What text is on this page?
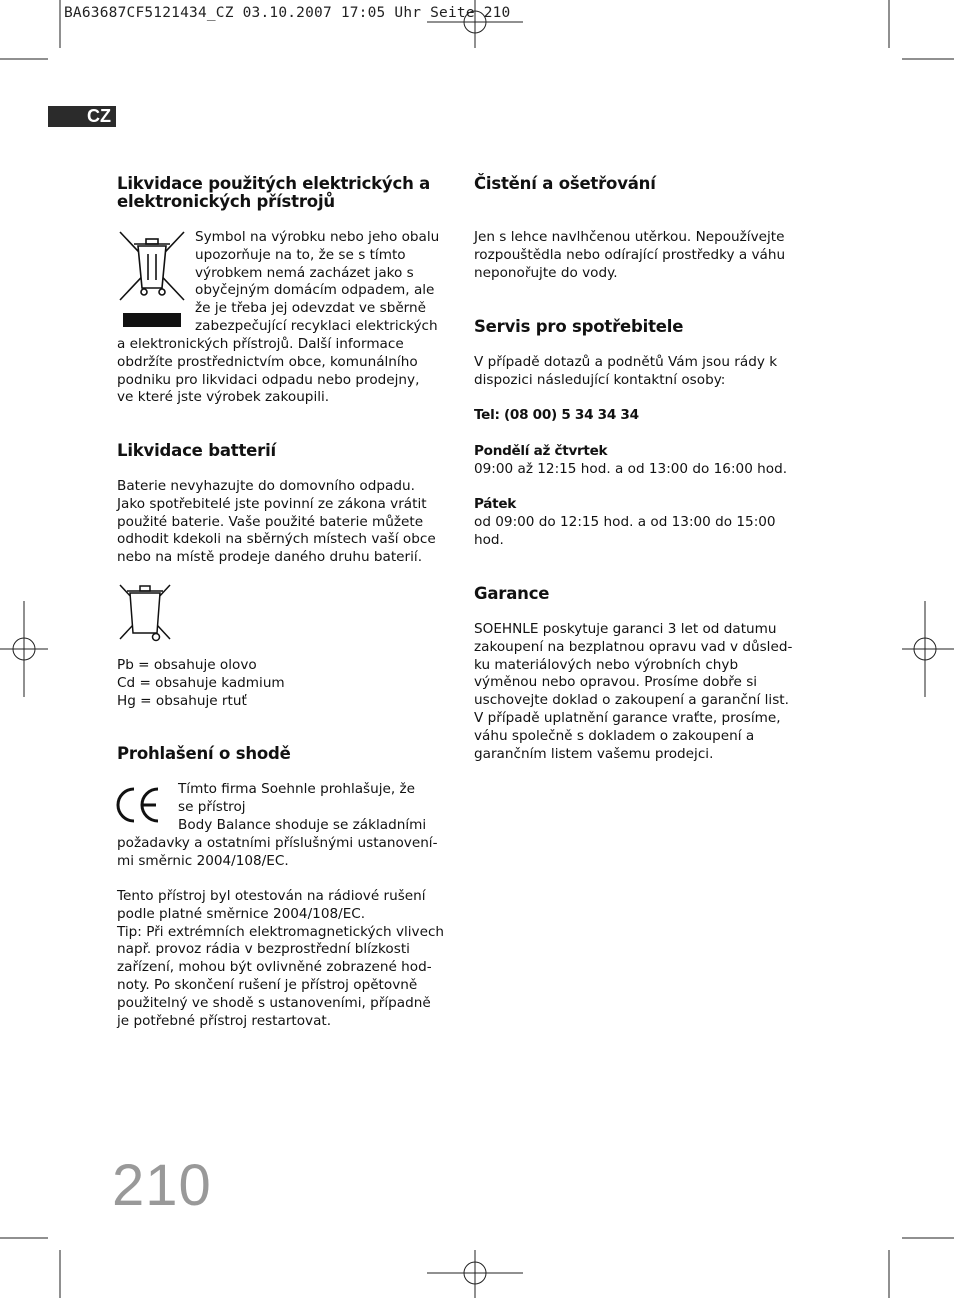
BA63687CF5121434_CZ 03.10.2007 17:05 Uhr Seite 210
CZ
Likvidace použitých elektrických a
elektronických přístrojů

Symbol na výrobku nebo jeho obalu
upozorňuje na to, že se s tímto
výrobkem nemá zacházet jako s
obyčejným domácím odpadem, ale
že je třeba jej odevzdat ve sběrně
zabezpečující recyklaci elektrických

a elektronických přístrojů. Další informace
obdržíte prostřednictvím obce, komunálního
podniku pro likvidaci odpadu nebo prodejny,
ve které jste výrobek zakoupili.

Likvidace batterií

Baterie nevyhazujte do domovního odpadu.
Jako spotřebitelé jste povinní ze zákona vrátit
použité baterie. Vaše použité baterie můžete
odhodit kdekoli na sběrných místech vaší obce
nebo na místě prodeje daného druhu baterií.

Pb = obsahuje olovo
Cd = obsahuje kadmium
Hg = obsahuje rtuť

Prohlašení o shodě

Tímto firma Soehnle prohlašuje, že
se přístroj
Body Balance shoduje se základními

požadavky a ostatními příslušnými ustanovení-
mi směrnic 2004/108/EC.

Tento přístroj byl otestován na rádiové rušení
podle platné směrnice 2004/108/EC.
Tip: Při extrémních elektromagnetických vlivech
např. provoz rádia v bezprostřední blízkosti
zařízení, mohou být ovlivněné zobrazené hod-
noty. Po skončení rušení je přístroj opětovně
použitelný ve shodě s ustanoveními, případně
je potřebné přístroj restartovat.

Čistění a ošetřování

Jen s lehce navlhčenou utěrkou. Nepoužívejte
rozpouštědla nebo odírající prostředky a váhu
neponořujte do vody.

Servis pro spotřebitele

V případě dotazů a podnětů Vám jsou rády k
dispozici následující kontaktní osoby:

Tel: (08 00) 5 34 34 34

Pondělí až čtvrtek

09:00 až 12:15 hod. a od 13:00 do 16:00 hod.

Pátek

od 09:00 do 12:15 hod. a od 13:00 do 15:00
hod.

Garance

SOEHNLE poskytuje garanci 3 let od datumu
zakoupení na bezplatnou opravu vad v důsled-
ku materiálových nebo výrobních chyb
výměnou nebo opravou. Prosíme dobře si
uschovejte doklad o zakoupení a garanční list.
V případě uplatnění garance vraťte, prosíme,
váhu společně s dokladem o zakoupení a
garančním listem vašemu prodejci.

210
